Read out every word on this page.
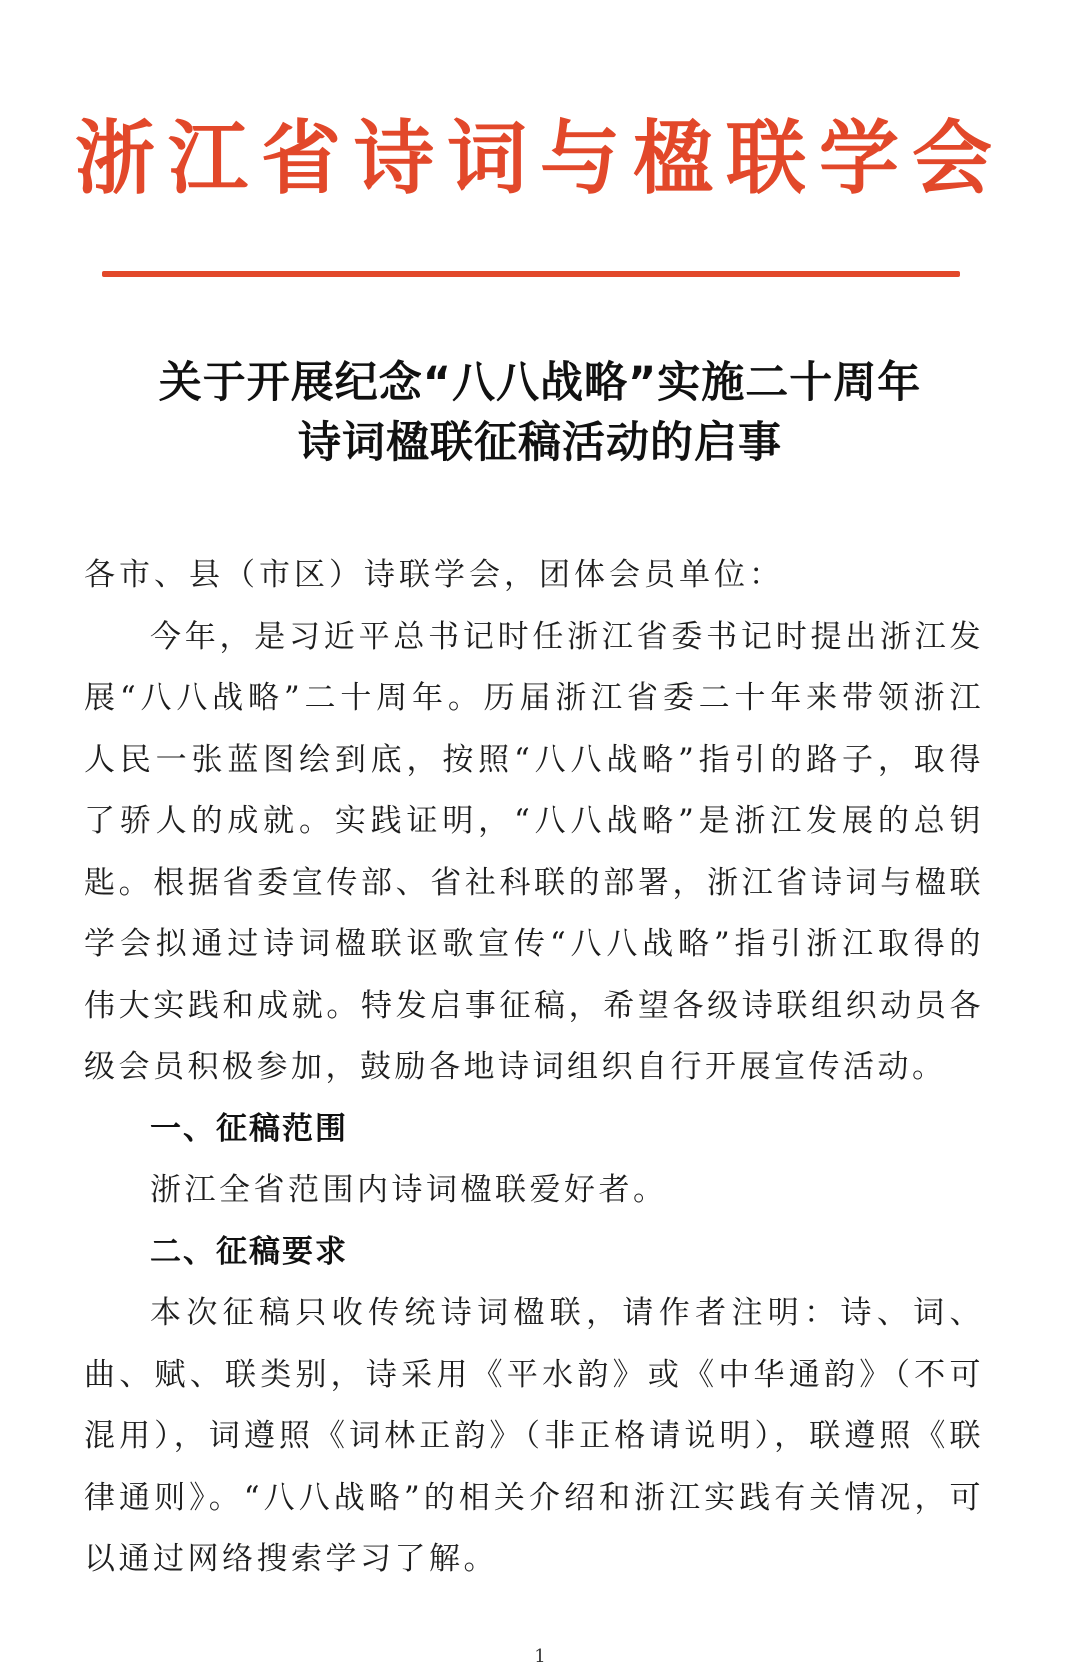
浙江省诗词与楹联学会
关于开展纪念“八八战略”实施二十周年
诗词楹联征稿活动的启事

各市、县（市区）诗联学会，团体会员单位：

今年，是习近平总书记时任浙江省委书记时提出浙江发展“八八战略”二十周年。历届浙江省委二十年来带领浙江人民一张蓝图绘到底，按照“八八战略”指引的路子，取得了骄人的成就。实践证明，“八八战略”是浙江发展的总钥匙。根据省委宣传部、省社科联的部署，浙江省诗词与楹联学会拟通过诗词楹联讴歌宣传“八八战略”指引浙江取得的伟大实践和成就。特发启事征稿，希望各级诗联组织动员各级会员积极参加，鼓励各地诗词组织自行开展宣传活动。

一、征稿范围

浙江全省范围内诗词楹联爱好者。

二、征稿要求

本次征稿只收传统诗词楹联，请作者注明：诗、词、曲、赋、联类别，诗采用《平水韵》或《中华通韵》（不可混用），词遵照《词林正韵》（非正格请说明），联遵照《联律通则》。“八八战略”的相关介绍和浙江实践有关情况，可以通过网络搜索学习了解。

1
